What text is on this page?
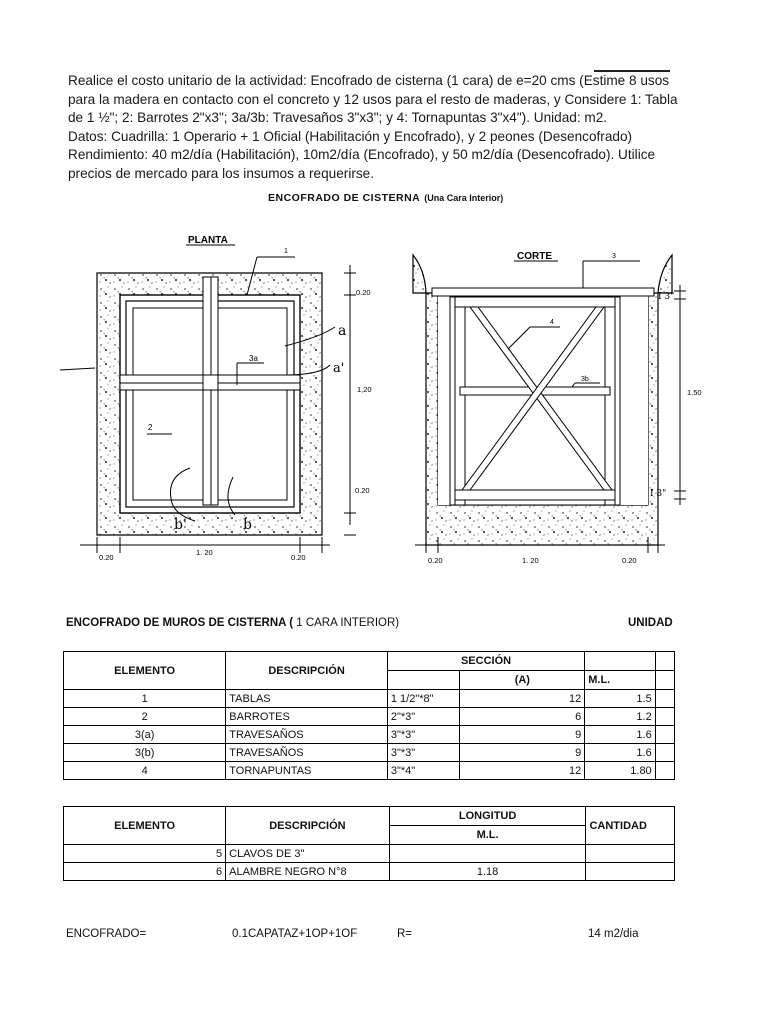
Realice el costo unitario de la actividad: Encofrado de cisterna (1 cara) de e=20 cms (Estime 8 usos
para la madera en contacto con el concreto y 12 usos para el resto de maderas, y Considere 1: Tabla
de 1 ½"; 2: Barrotes 2"x3"; 3a/3b: Travesaños 3"x3"; y 4: Tornapuntas 3"x4"). Unidad: m2.
Datos: Cuadrilla: 1 Operario + 1 Oficial (Habilitación y Encofrado), y 2 peones (Desencofrado)
Rendimiento: 40 m2/día (Habilitación), 10m2/día (Encofrado), y 50 m2/día (Desencofrado). Utilice
precios de mercado para los insumos a requerirse.
ENCOFRADO DE CISTERNA (Una Cara Interior)
PLANTA
1
3a
2
a
a'
b'	b
0.20
1,20
0.20
0.20
1. 20
0.20
CORTE	3
4
3b
I 3"
1.50
I 3"
0.20	1. 20	0.20
ENCOFRADO DE MUROS DE CISTERNA ( 1 CARA INTERIOR)	UNIDAD
ELEMENTO	DESCRIPCIÓN	SECCIÓN			
			(A)	M.L.	
1	TABLAS	1 1/2"*8"	12	1.5	
2	BARROTES	2"*3"	6	1.2	
3(a)	TRAVESAÑOS	3"*3"	9	1.6	
3(b)	TRAVESAÑOS	3"*3"	9	1.6	
4	TORNAPUNTAS	3"*4"	12	1.80	
ELEMENTO	DESCRIPCIÓN	LONGITUD	CANTIDAD
		M.L.	
5	CLAVOS DE 3"		
6	ALAMBRE NEGRO N°8	1.18	
ENCOFRADO=	0.1CAPATAZ+1OP+1OF	R=	14 m2/dia
